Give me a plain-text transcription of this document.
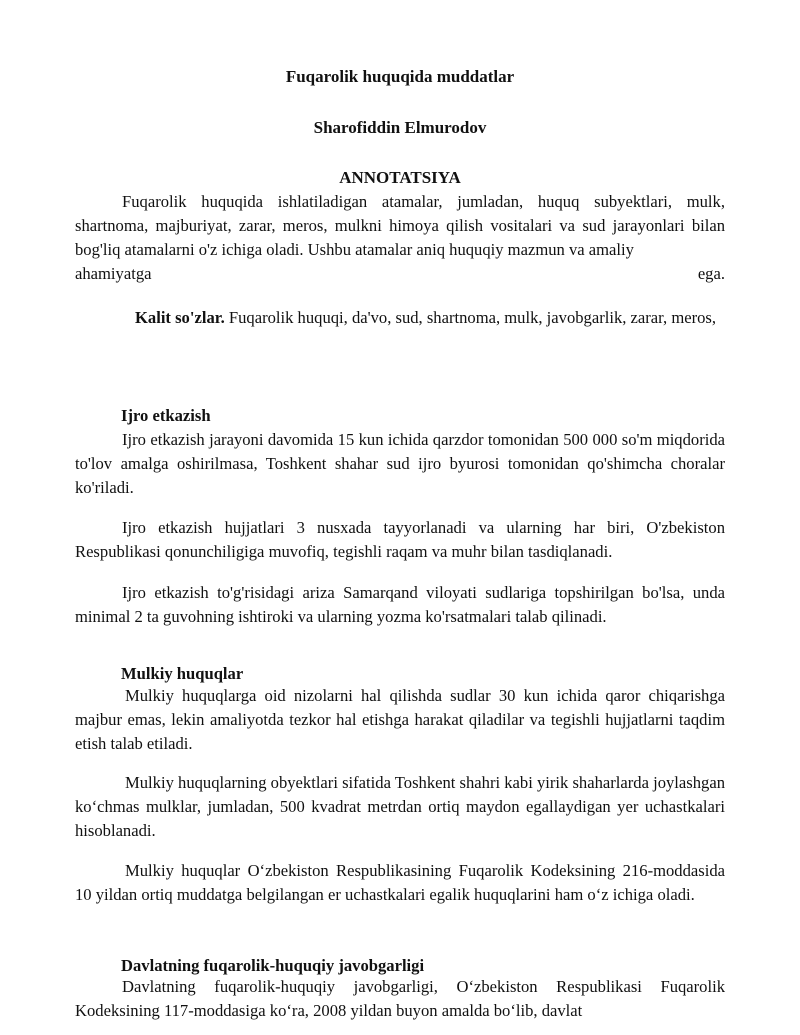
Fuqarolik huquqida muddatlar
Sharofiddin Elmurodov
ANNOTATSIYA

Fuqarolik huquqida ishlatiladigan atamalar, jumladan, huquq subyektlari, mulk, shartnoma, majburiyat, zarar, meros, mulkni himoya qilish vositalari va sud jarayonlari bilan bog'liq atamalarni o'z ichiga oladi. Ushbu atamalar aniq huquqiy mazmun va amaliy

ahamiyatga	ega.

Kalit so'zlar. Fuqarolik huquqi, da'vo, sud, shartnoma, mulk, javobgarlik, zarar, meros,

Ijro etkazish

Ijro etkazish jarayoni davomida 15 kun ichida qarzdor tomonidan 500 000 so'm miqdorida to'lov amalga oshirilmasa, Toshkent shahar sud ijro byurosi tomonidan qo'shimcha choralar ko'riladi.

Ijro etkazish hujjatlari 3 nusxada tayyorlanadi va ularning har biri, O'zbekiston Respublikasi qonunchiligiga muvofiq, tegishli raqam va muhr bilan tasdiqlanadi.

Ijro etkazish to'g'risidagi ariza Samarqand viloyati sudlariga topshirilgan bo'lsa, unda minimal 2 ta guvohning ishtiroki va ularning yozma ko'rsatmalari talab qilinadi.

Mulkiy huquqlar

Mulkiy huquqlarga oid nizolarni hal qilishda sudlar 30 kun ichida qaror chiqarishga majbur emas, lekin amaliyotda tezkor hal etishga harakat qiladilar va tegishli hujjatlarni taqdim etish talab etiladi.

Mulkiy huquqlarning obyektlari sifatida Toshkent shahri kabi yirik shaharlarda joylashgan ko‘chmas mulklar, jumladan, 500 kvadrat metrdan ortiq maydon egallaydigan yer uchastkalari hisoblanadi.

Mulkiy huquqlar O‘zbekiston Respublikasining Fuqarolik Kodeksining 216-moddasida 10 yildan ortiq muddatga belgilangan er uchastkalari egalik huquqlarini ham o‘z ichiga oladi.

Davlatning fuqarolik-huquqiy javobgarligi

Davlatning fuqarolik-huquqiy javobgarligi, O‘zbekiston Respublikasi Fuqarolik Kodeksining 117-moddasiga ko‘ra, 2008 yildan buyon amalda bo‘lib, davlat
